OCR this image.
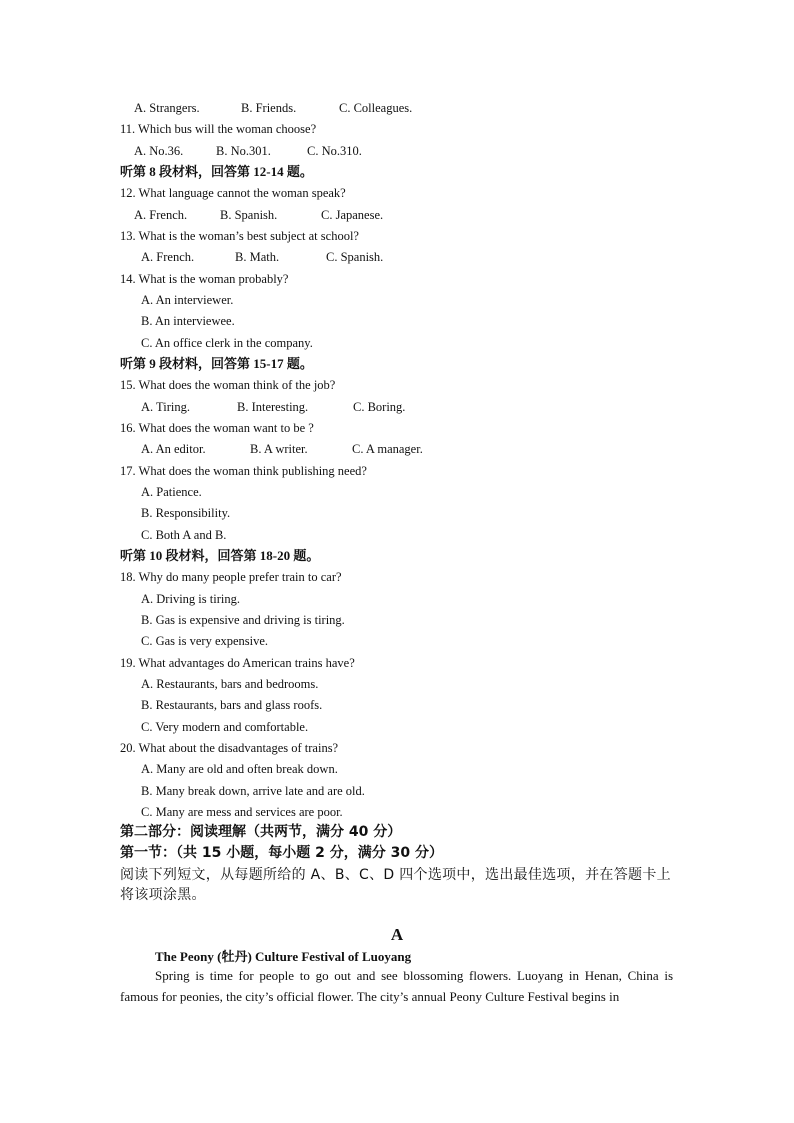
A. Strangers.	B. Friends.	C. Colleagues.
11. Which bus will the woman choose?
A. No.36.	B. No.301.	C. No.310.
听第 8 段材料，回答第 12-14 题。
12. What language cannot the woman speak?
A. French.	B. Spanish.	C. Japanese.
13. What is the woman’s best subject at school?
A. French.	B. Math.	C. Spanish.
14. What is the woman probably?
A. An interviewer.
B. An interviewee.
C. An office clerk in the company.
听第 9 段材料，回答第 15-17 题。
15. What does the woman think of the job?
A. Tiring.	B. Interesting.	C. Boring.
16. What does the woman want to be ?
A. An editor.	B. A writer.	C. A manager.
17. What does the woman think publishing need?
A. Patience.
B. Responsibility.
C. Both A and B.
听第 10 段材料，回答第 18-20 题。
18. Why do many people prefer train to car?
A. Driving is tiring.
B. Gas is expensive and driving is tiring.
C. Gas is very expensive.
19. What advantages do American trains have?
A. Restaurants, bars and bedrooms.
B. Restaurants, bars and glass roofs.
C. Very modern and comfortable.
20. What about the disadvantages of trains?
A. Many are old and often break down.
B. Many break down, arrive late and are old.
C. Many are mess and services are poor.
第二部分：阅读理解（共两节，满分 40 分）
第一节：（共 15 小题，每小题 2 分，满分 30 分）
阅读下列短文，从每题所给的 A、B、C、D 四个选项中，选出最佳选项，并在答题卡上将该项涂黑。
A
The Peony (牡丹) Culture Festival of Luoyang
Spring is time for people to go out and see blossoming flowers. Luoyang in Henan, China is famous for peonies, the city’s official flower. The city’s annual Peony Culture Festival begins in
